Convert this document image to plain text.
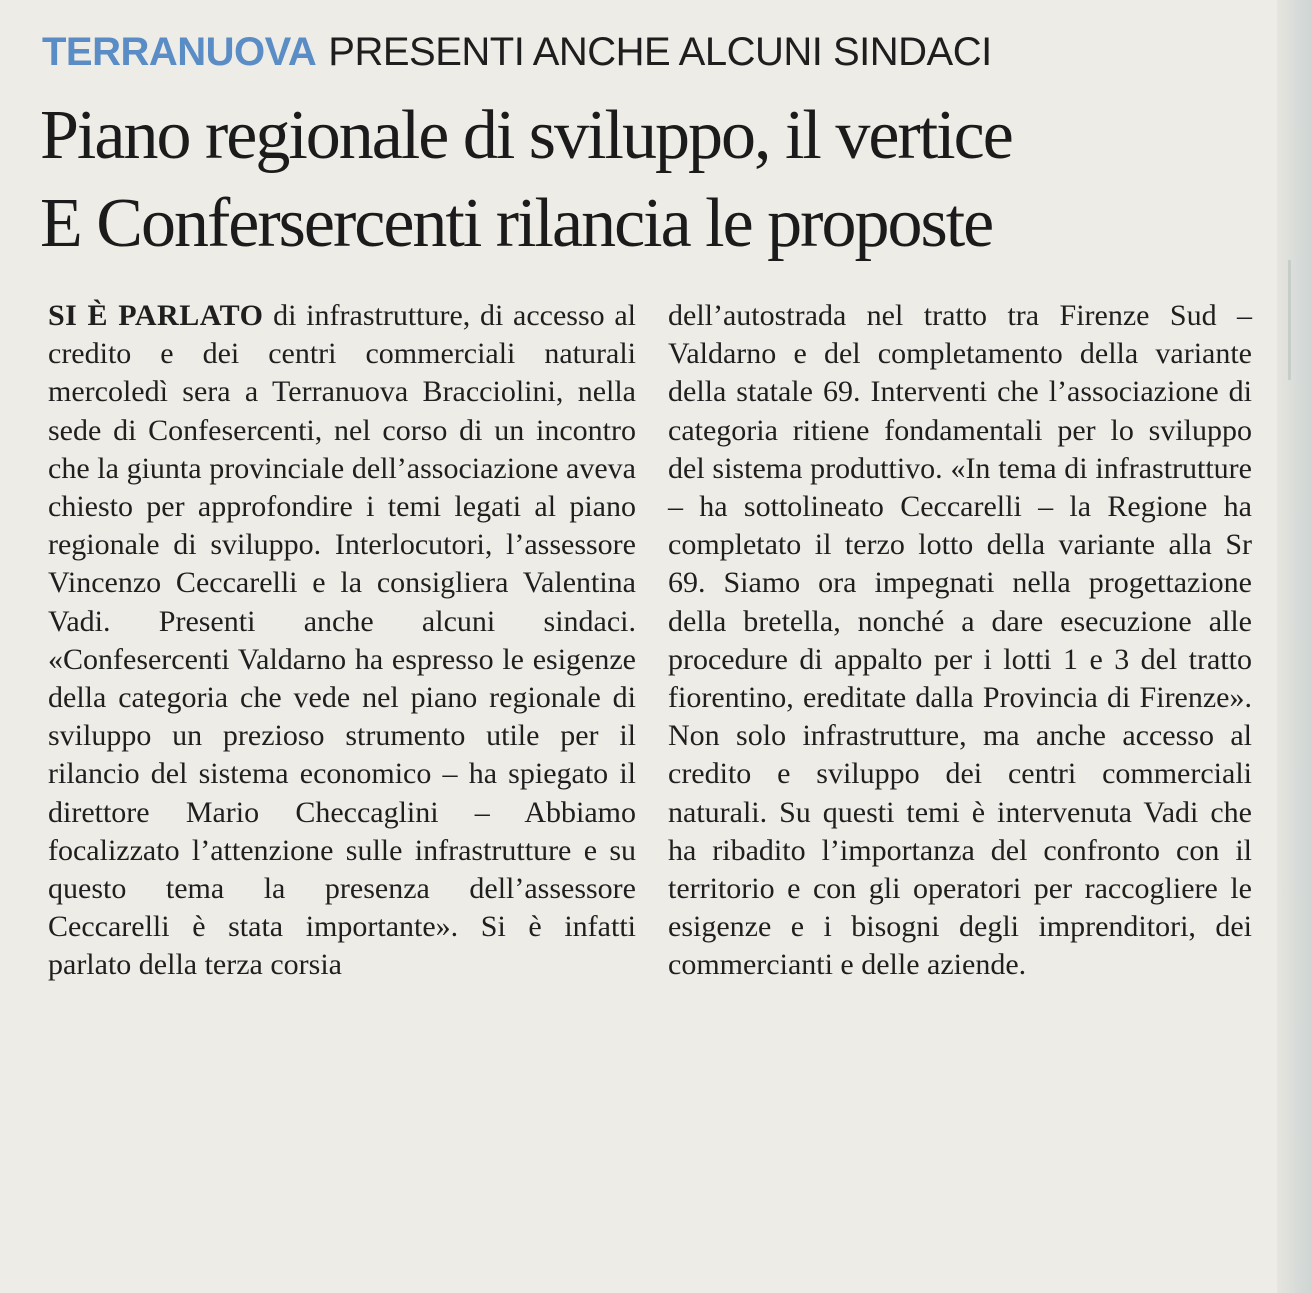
TERRANUOVA PRESENTI ANCHE ALCUNI SINDACI
Piano regionale di sviluppo, il vertice
E Confersercenti rilancia le proposte

SI È PARLATO di infrastrutture, di accesso al credito e dei centri commerciali naturali mercoledì sera a Terranuova Bracciolini, nella sede di Confesercenti, nel corso di un incontro che la giunta provinciale dell’associazione aveva chiesto per approfondire i temi legati al piano regionale di sviluppo. Interlocutori, l’assessore Vincenzo Ceccarelli e la consigliera Valentina Vadi. Presenti anche alcuni sindaci. «Confesercenti Valdarno ha espresso le esigenze della categoria che vede nel piano regionale di sviluppo un prezioso strumento utile per il rilancio del sistema economico – ha spiegato il direttore Mario Checcaglini – Abbiamo focalizzato l’attenzione sulle infrastrutture e su questo tema la presenza dell’assessore Ceccarelli è stata importante». Si è infatti parlato della terza corsia

dell’autostrada nel tratto tra Firenze Sud – Valdarno e del completamento della variante della statale 69. Interventi che l’associazione di categoria ritiene fondamentali per lo sviluppo del sistema produttivo. «In tema di infrastrutture – ha sottolineato Ceccarelli – la Regione ha completato il terzo lotto della variante alla Sr 69. Siamo ora impegnati nella progettazione della bretella, nonché a dare esecuzione alle procedure di appalto per i lotti 1 e 3 del tratto fiorentino, ereditate dalla Provincia di Firenze». Non solo infrastrutture, ma anche accesso al credito e sviluppo dei centri commerciali naturali. Su questi temi è intervenuta Vadi che ha ribadito l’importanza del confronto con il territorio e con gli operatori per raccogliere le esigenze e i bisogni degli imprenditori, dei commercianti e delle aziende.
